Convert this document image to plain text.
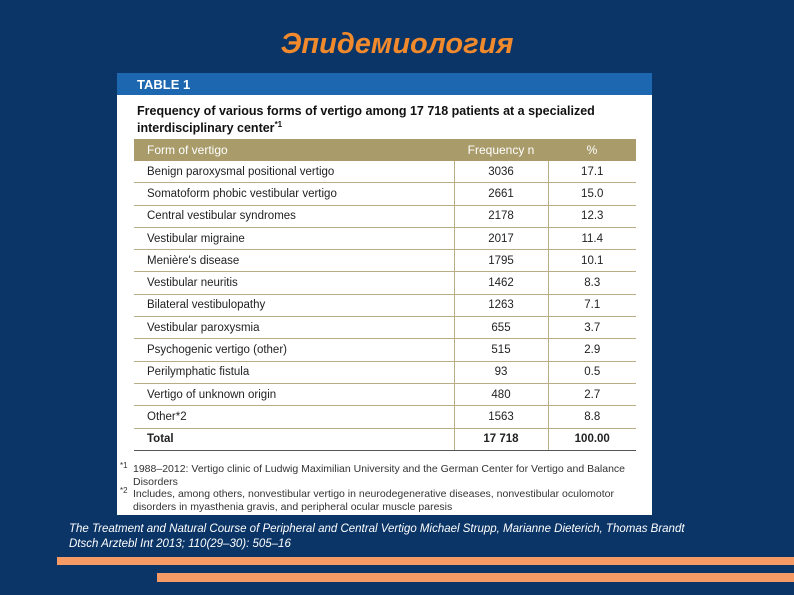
Эпидемиология
TABLE 1
Frequency of various forms of vertigo among 17 718 patients at a specialized interdisciplinary center$^{*1}$
Form of vertigo	Frequency n	%
Benign paroxysmal positional vertigo	3036	17.1
Somatoform phobic vestibular vertigo	2661	15.0
Central vestibular syndromes	2178	12.3
Vestibular migraine	2017	11.4
Menière's disease	1795	10.1
Vestibular neuritis	1462	8.3
Bilateral vestibulopathy	1263	7.1
Vestibular paroxysmia	655	3.7
Psychogenic vertigo (other)	515	2.9
Perilymphatic fistula	93	0.5
Vertigo of unknown origin	480	2.7
Other*2	1563	8.8
Total	17 718	100.00
*1 1988–2012: Vertigo clinic of Ludwig Maximilian University and the German Center for Vertigo and Balance Disorders
*2 Includes, among others, nonvestibular vertigo in neurodegenerative diseases, nonvestibular oculomotor disorders in myasthenia gravis, and peripheral ocular muscle paresis
The Treatment and Natural Course of Peripheral and Central Vertigo Michael Strupp, Marianne Dieterich, Thomas Brandt
Dtsch Arztebl Int 2013; 110(29–30): 505–16
